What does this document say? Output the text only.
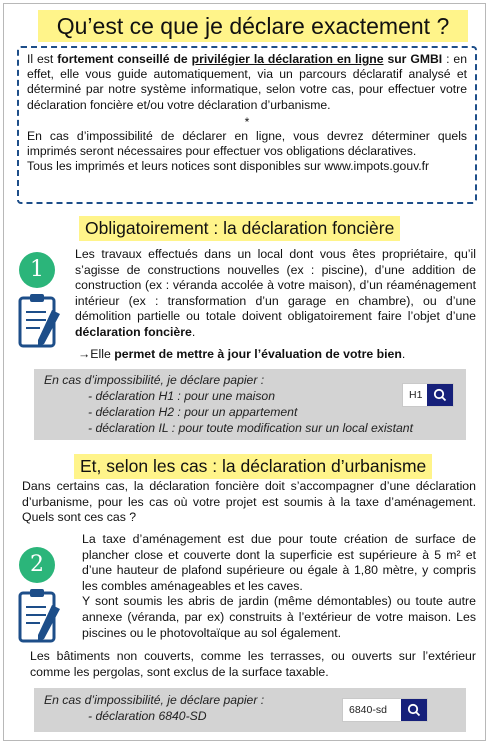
Qu’est ce que je déclare exactement ?

Il est fortement conseillé de privilégier la déclaration en ligne sur GMBI : en effet, elle vous guide automatiquement, via un parcours déclaratif analysé et déterminé par notre système informatique, selon votre cas, pour effectuer votre déclaration foncière et/ou votre déclaration d’urbanisme.

*

En cas d’impossibilité de déclarer en ligne, vous devrez déterminer quels imprimés seront nécessaires pour effectuer vos obligations déclaratives.

Tous les imprimés et leurs notices sont disponibles sur www.impots.gouv.fr

Obligatoirement : la déclaration foncière
1

Les travaux effectués dans un local dont vous êtes propriétaire, qu’il s’agisse de constructions nouvelles (ex : piscine), d’une addition de construction (ex : véranda accolée à votre maison), d’un réaménagement intérieur (ex : transformation d’un garage en chambre), ou d’une démolition partielle ou totale doivent obligatoirement faire l’objet d’une déclaration foncière.

→Elle permet de mettre à jour l’évaluation de votre bien.

En cas d’impossibilité, je déclare papier :
- déclaration H1 : pour une maison
- déclaration H2 : pour un appartement
- déclaration IL : pour toute modification sur un local existant
H1
Et, selon les cas : la déclaration d’urbanisme
Dans certains cas, la déclaration foncière doit s’accompagner d’une déclaration d’urbanisme, pour les cas où votre projet est soumis à la taxe d’aménagement. Quels sont ces cas ?
2

La taxe d’aménagement est due pour toute création de surface de plancher close et couverte dont la superficie est supérieure à 5 m² et d’une hauteur de plafond supérieure ou égale à 1,80 mètre, y compris les combles aménageables et les caves.

Y sont soumis les abris de jardin (même démontables) ou toute autre annexe (véranda, par ex) construits à l’extérieur de votre maison. Les piscines ou le photovoltaïque au sol également.

Les bâtiments non couverts, comme les terrasses, ou ouverts sur l’extérieur comme les pergolas, sont exclus de la surface taxable.
En cas d’impossibilité, je déclare papier :
- déclaration 6840-SD	6840-sd
